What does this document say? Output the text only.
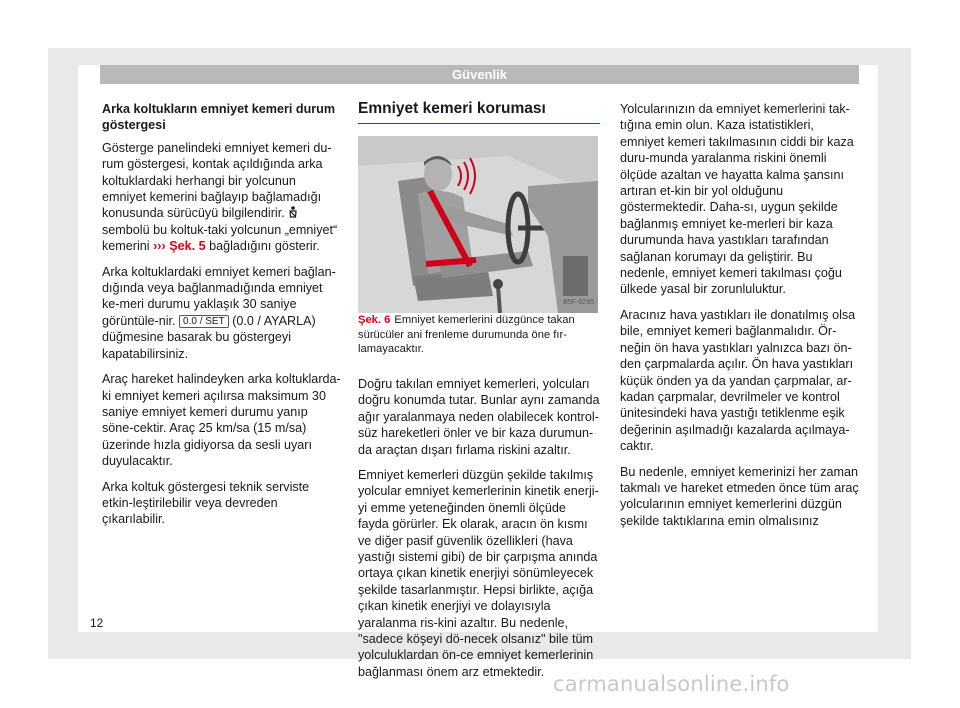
Güvenlik
Arka koltukların emniyet kemeri durum göstergesi

Gösterge panelindeki emniyet kemeri du-rum göstergesi, kontak açıldığında arka koltuklardaki herhangi bir yolcunun emniyet kemerini bağlayıp bağlamadığı konusunda sürücüyü bilgilendirir.  sembolü bu koltuk-taki yolcunun „emniyet“ kemerini ››› Şek. 5 bağladığını gösterir.

Arka koltuklardaki emniyet kemeri bağlan-dığında veya bağlanmadığında emniyet ke-meri durumu yaklaşık 30 saniye görüntüle-nir. 0.0 / SET (0.0 / AYARLA) düğmesine basarak bu göstergeyi kapatabilirsiniz.

Araç hareket halindeyken arka koltuklarda-ki emniyet kemeri açılırsa maksimum 30 saniye emniyet kemeri durumu yanıp söne-cektir. Araç 25 km/sa (15 m/sa) üzerinde hızla gidiyorsa da sesli uyarı duyulacaktır.

Arka koltuk göstergesi teknik serviste etkin-leştirilebilir veya devreden çıkarılabilir.

Emniyet kemeri koruması
B5F-0295

Şek. 6 Emniyet kemerlerini düzgünce takan sürücüler ani frenleme durumunda öne fır-lamayacaktır.

Doğru takılan emniyet kemerleri, yolcuları doğru konumda tutar. Bunlar aynı zamanda ağır yaralanmaya neden olabilecek kontrol-süz hareketleri önler ve bir kaza durumun-da araçtan dışarı fırlama riskini azaltır.

Emniyet kemerleri düzgün şekilde takılmış yolcular emniyet kemerlerinin kinetik enerji-yi emme yeteneğinden önemli ölçüde fayda görürler. Ek olarak, aracın ön kısmı ve diğer pasif güvenlik özellikleri (hava yastığı sistemi gibi) de bir çarpışma anında ortaya çıkan kinetik enerjiyi sönümleyecek şekilde tasarlanmıştır. Hepsi birlikte, açığa çıkan kinetik enerjiyi ve dolayısıyla yaralanma ris-kini azaltır. Bu nedenle, "sadece köşeyi dö-necek olsanız" bile tüm yolculuklardan ön-ce emniyet kemerlerinin bağlanması önem arz etmektedir.

Yolcularınızın da emniyet kemerlerini tak-tığına emin olun. Kaza istatistikleri, emniyet kemeri takılmasının ciddi bir kaza duru-munda yaralanma riskini önemli ölçüde azaltan ve hayatta kalma şansını artıran et-kin bir yol olduğunu göstermektedir. Daha-sı, uygun şekilde bağlanmış emniyet ke-merleri bir kaza durumunda hava yastıkları tarafından sağlanan korumayı da geliştirir. Bu nedenle, emniyet kemeri takılması çoğu ülkede yasal bir zorunluluktur.

Aracınız hava yastıkları ile donatılmış olsa bile, emniyet kemeri bağlanmalıdır. Ör-neğin ön hava yastıkları yalnızca bazı ön-den çarpmalarda açılır. Ön hava yastıkları küçük önden ya da yandan çarpmalar, ar-kadan çarpmalar, devrilmeler ve kontrol ünitesindeki hava yastığı tetiklenme eşik değerinin aşılmadığı kazalarda açılmaya-caktır.

Bu nedenle, emniyet kemerinizi her zaman takmalı ve hareket etmeden önce tüm araç yolcularının emniyet kemerlerini düzgün şekilde taktıklarına emin olmalısınız

12
carmanualsonline.info
